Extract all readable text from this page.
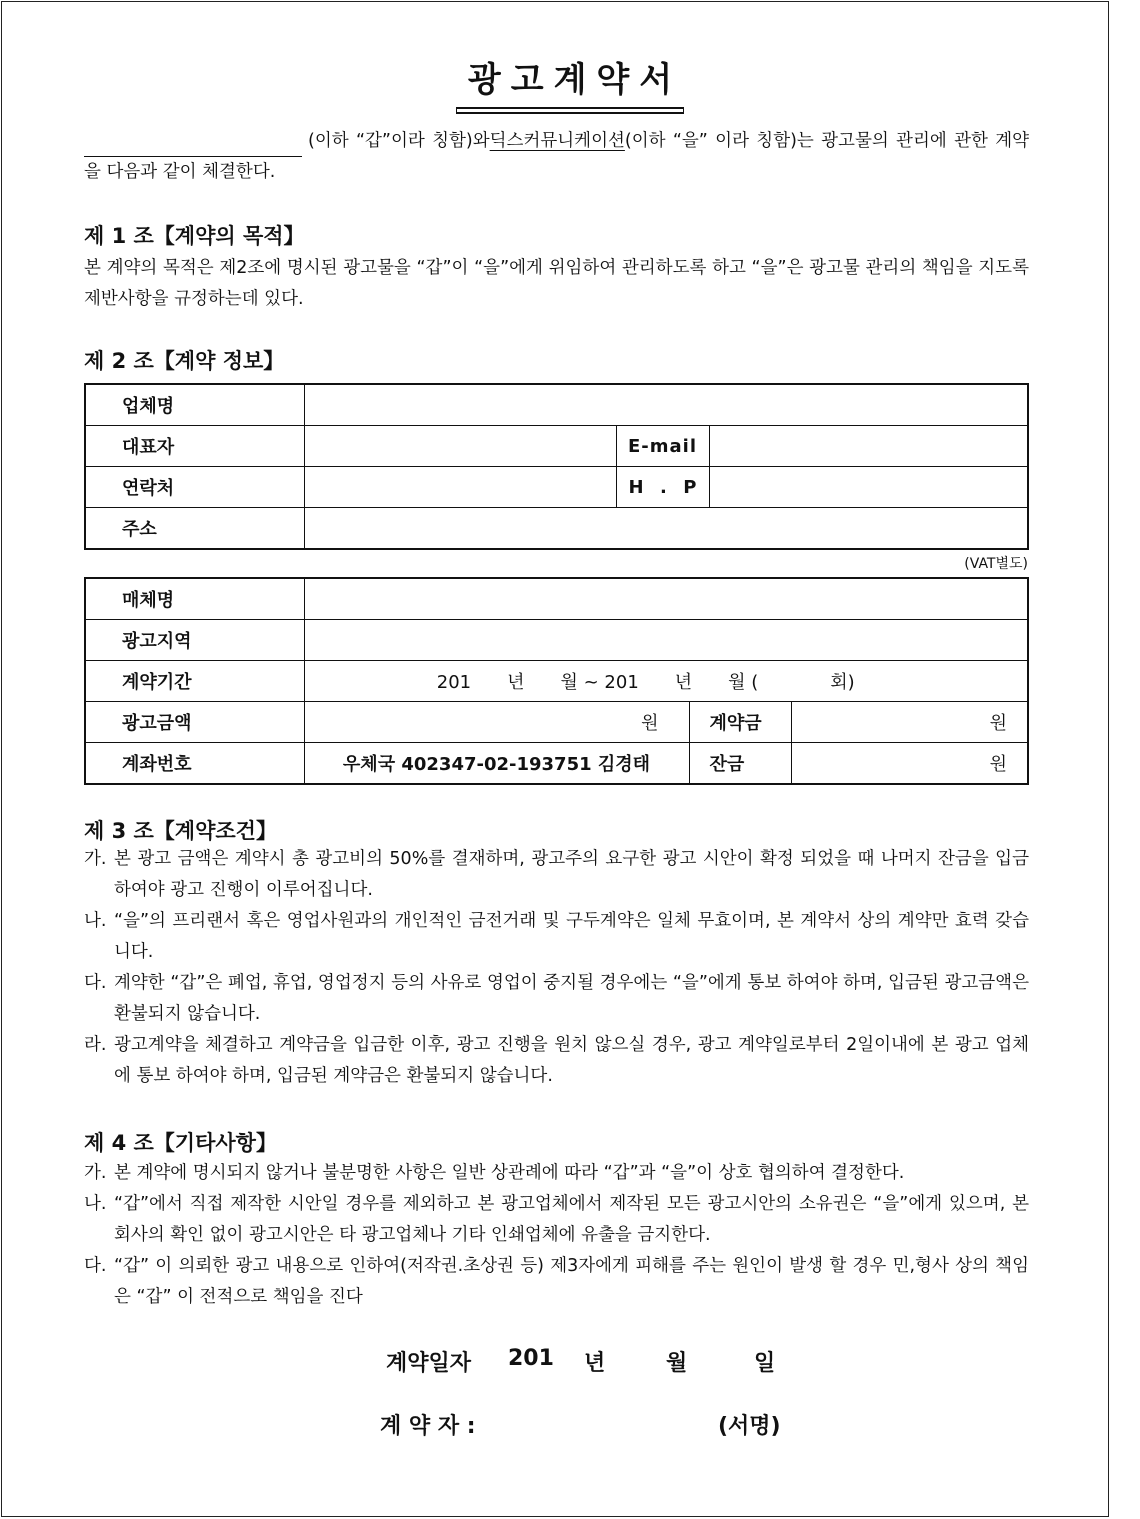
광고계약서
(이하 “갑”이라 칭함)와딕스커뮤니케이션(이하 “을” 이라 칭함)는 광고물의 관리에 관한 계약을 다음과 같이 체결한다.
제 1 조【계약의 목적】
본 계약의 목적은 제2조에 명시된 광고물을 “갑”이 “을”에게 위임하여 관리하도록 하고 “을”은 광고물 관리의 책임을 지도록 제반사항을 규정하는데 있다.
제 2 조【계약 정보】
업체명			
대표자		E-mail	
연락처		H . P	
주소			
(VAT별도)
매체명			
광고지역			
계약기간	201　　년　　월 ~ 201　　년　　월 (　　　　회)		
광고금액	원	계약금	원
계좌번호	우체국 402347-02-193751 김경태	잔금	원
제 3 조【계약조건】
가. 본 광고 금액은 계약시 총 광고비의 50%를 결재하며, 광고주의 요구한 광고 시안이 확정 되었을 때 나머지 잔금을 입금하여야 광고 진행이 이루어집니다.
나. “을”의 프리랜서 혹은 영업사원과의 개인적인 금전거래 및 구두계약은 일체 무효이며, 본 계약서 상의 계약만 효력 갖습니다.
다. 계약한 “갑”은 폐업, 휴업, 영업정지 등의 사유로 영업이 중지될 경우에는 “을”에게 통보 하여야 하며, 입금된 광고금액은 환불되지 않습니다.
라. 광고계약을 체결하고 계약금을 입금한 이후, 광고 진행을 원치 않으실 경우, 광고 계약일로부터 2일이내에 본 광고 업체에 통보 하여야 하며, 입금된 계약금은 환불되지 않습니다.
제 4 조【기타사항】
가. 본 계약에 명시되지 않거나 불분명한 사항은 일반 상관례에 따라 “갑”과 “을”이 상호 협의하여 결정한다.
나. “갑”에서 직접 제작한 시안일 경우를 제외하고 본 광고업체에서 제작된 모든 광고시안의 소유권은 “을”에게 있으며, 본 회사의 확인 없이 광고시안은 타 광고업체나 기타 인쇄업체에 유출을 금지한다.
다. “갑” 이 의뢰한 광고 내용으로 인하여(저작권.초상권 등) 제3자에게 피해를 주는 원인이 발생 할 경우 민,형사 상의 책임은 “갑” 이 전적으로 책임을 진다
계약일자 201 년	월	일
계 약 자 :	(서명)
